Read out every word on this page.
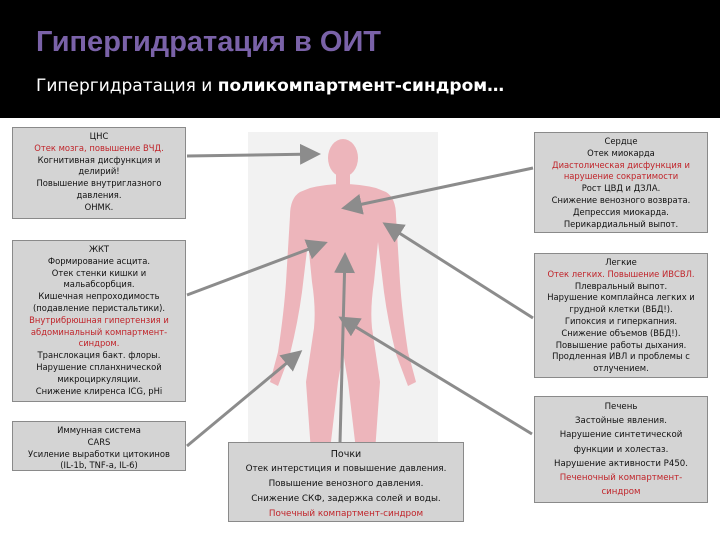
Гипергидратация в ОИТ
Гипергидратация и поликомпартмент-синдром…
ЦНС
Отек мозга, повышение ВЧД.
Когнитивная дисфункция и
делирий!
Повышение внутриглазного
давления.
ОНМК.
ЖКТ
Формирование асцита.
Отек стенки кишки и
мальабсорбция.
Кишечная непроходимость
(подавление перистальтики).
Внутрибрюшная гипертензия и
абдоминальный компартмент-
синдром.
Транслокация бакт. флоры.
Нарушение спланхнической
микроциркуляции.
Снижение клиренса ICG, pHi
Иммунная система
CARS
Усиление выработки цитокинов
(IL-1b, TNF-a, IL-6)
Почки
Отек интерстиция и повышение давления.
Повышение венозного давления.
Снижение СКФ, задержка солей и воды.
Почечный компартмент-синдром
Сердце
Отек миокарда
Диастолическая дисфункция и
нарушение сократимости
Рост ЦВД и ДЗЛА.
Снижение венозного возврата.
Депрессия миокарда.
Перикардиальный выпот.
Легкие
Отек легких. Повышение ИВСВЛ.
Плевральный выпот.
Нарушение комплайнса легких и
грудной клетки (ВБД!).
Гипоксия и гиперкапния.
Снижение объемов (ВБД!).
Повышение работы дыхания.
Продленная ИВЛ и проблемы с
отлучением.
Печень
Застойные явления.
Нарушение синтетической
функции и холестаз.
Нарушение активности P450.
Печеночный компартмент-
синдром
